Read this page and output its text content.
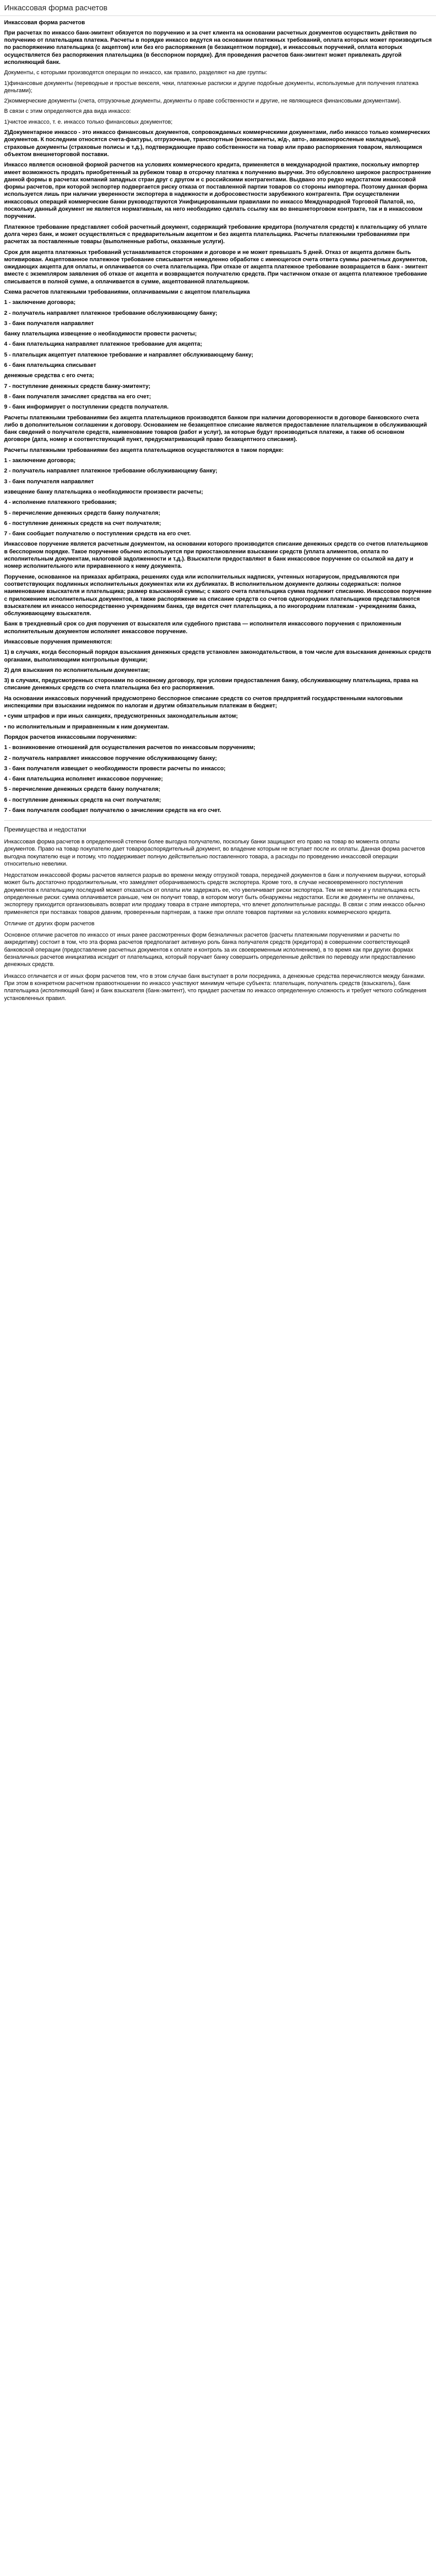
Инкассовая форма расчетов

Инкассовая форма расчетов

При расчетах по инкассо банк-эмитент обязуется по поручению и за счет клиента на основании расчетных документов осуществить действия по получению от плательщика платежа. Расчеты в порядке инкассо ведутся на основании платежных требований, оплата которых может производиться по распоряжению плательщика (с акцептом) или без его распоряжения (в безакцептном порядке), и инкассовых поручений, оплата которых осуществляется без распоряжения плательщика (в бесспорном порядке). Для проведения расчетов банк-эмитент может привлекать другой исполняющий банк.

Документы, с которыми производятся операции по инкассо, как правило, разделяют на две группы:

1)финансовые документы (переводные и простые векселя, чеки, платежные расписки и другие подобные документы, используемые для получения платежа деньгами);

2)коммерческие документы (счета, отгрузочные документы, документы о праве собственности и другие, не являющиеся финансовыми документами).

В связи с этим определяются два вида инкассо:

1)чистое инкассо, т. е. инкассо только финансовых документов;

2)Документарное инкассо - это инкассо финансовых документов, сопровождаемых коммерческими документами, либо инкассо только коммерческих документов. К последним относятся счета-фактуры, отгрузочные, транспортные (коносаменты, ж/д-, авто-, авиаконоросленые накладные), страховые документы (страховые полисы и т.д.), подтверждающие право собственности на товар или право распоряжения товаром, являющимся объектом внешнеторговой поставки.

Инкассо является основной формой расчетов на условиях коммерческого кредита, применяется в международной практике, поскольку импортер имеет возможность продать приобретенный за рубежом товар в отсрочку платежа к получению выручки. Это обусловлено широкое распространение данной формы в расчетах компаний западных стран друг с другом и с российскими контрагентами. Выдвано это редко недостатком инкассовой формы расчетов, при которой экспортер подвергается риску отказа от поставленной партии товаров со стороны импортера. Поэтому данная форма используется лишь при наличии уверенности экспортера в надежности и добросовестности зарубежного контрагента. При осуществлении инкассовых операций коммерческие банки руководствуются Унифицированными правилами по инкассо Международной Торговой Палатой, но, поскольку данный документ не является нормативным, на него необходимо сделать ссылку как во внешнеторговом контракте, так и в инкассовом поручении.

Платежное требование представляет собой расчетный документ, содержащий требование кредитора (получателя средств) к плательщику об уплате долга через банк, и может осуществляться с предварительным акцептом и без акцепта плательщика. Расчеты платежными требованиями при расчетах за поставленные товары (выполненные работы, оказанные услуги).

Срок для акцепта платежных требований устанавливается сторонами и договоре и не может превышать 5 дней. Отказ от акцепта должен быть мотивирован. Акцептованное платежное требование списывается немедленно обработке с имеющегося счета ответа суммы расчетных документов, ожидающих акцепта для оплаты, и оплачивается со счета плательщика. При отказе от акцепта платежное требование возвращается в банк - эмитент вместе с экземпляром заявления об отказе от акцепта и возвращается получателю средств. При частичном отказе от акцепта платежное требование списывается в полной сумме, а оплачивается в сумме, акцептованной плательщиком.

Схема расчетов платежными требованиями, оплачиваемыми с акцептом плательщика

1 - заключение договора;

2 - получатель направляет платежное требование обслуживающему банку;

3 - банк получателя направляет

банку плательщика извещение о необходимости провести расчеты;

4 - банк плательщика направляет платежное требование для акцепта;

5 - плательщик акцептует платежное требование и направляет обслуживающему банку;

6 - банк плательщика списывает

денежные средства с его счета;

7 - поступление денежных средств банку-эмитенту;

8 - банк получателя зачисляет средства на его счет;

9 - банк информирует о поступлении средств получателя.

Расчеты платежными требованиями без акцепта плательщиков производятся банком при наличии договоренности в договоре банковского счета либо в дополнительном соглашении к договору. Основанием не безакцептное списание является предоставление плательщиком в обслуживающий банк сведений о получателе средств, наименование товаров (работ и услуг), за которые будут производиться платежи, а также об основном договоре (дата, номер и соответствующий пункт, предусматривающий право безакцептного списания).

Расчеты платежными требованиями без акцепта плательщиков осуществляются в таком порядке:

1 - заключение договора;

2 - получатель направляет платежное требование обслуживающему банку;

3 - банк получателя направляет

извещение банку плательщика о необходимости произвести расчеты;

4 - исполнение платежного требования;

5 - перечисление денежных средств банку получателя;

6 - поступление денежных средств на счет получателя;

7 - банк сообщает получателю о поступлении средств на его счет.

Инкассовое поручение является расчетным документом, на основании которого производится списание денежных средств со счетов плательщиков в бесспорном порядке. Такое поручение обычно используется при приостановлении взыскании средств (уплата алиментов, оплата по исполнительным документам, налоговой задолженности и т.д.). Взыскатели предоставляют в банк инкассовое поручение со ссылкой на дату и номер исполнительного или приравненного к нему документа.

Поручение, основанное на приказах арбитража, решениях суда или исполнительных надписях, учтенных нотариусом, предъявляются при соответствующих подлинных исполнительных документах или их дубликатах. В исполнительном документе должны содержаться: полное наименование взыскателя и плательщика; размер взысканной суммы; с какого счета плательщика сумма подлежит списанию. Инкассовое поручение с приложением исполнительных документов, а также распоряжение на списание средств со счетов одногородних плательщиков представляются взыскателем ил инкассо непосредственно учреждениям банка, где ведется счет плательщика, а по иногородним платежам - учреждениям банка, обслуживающему взыскателя.

Банк в трехдневный срок со дня поручения от взыскателя или судебного пристава — исполнителя инкассового поручения с приложенным исполнительным документом исполняет инкассовое поручение.

Инкассовые поручения применяются:

1) в случаях, когда бесспорный порядок взыскания денежных средств установлен законодательством, в том числе для взыскания денежных средств органами, выполняющими контрольные функции;

2) для взыскания по исполнительным документам;

3) в случаях, предусмотренных сторонами по основному договору, при условии предоставления банку, обслуживающему плательщика, права на списание денежных средств со счета плательщика без его распоряжения.

На основании инкассовых поручений предусмотрено бесспорное списание средств со счетов предприятий государственными налоговыми инспекциями при взыскании недоимок по налогам и другим обязательным платежам в бюджет;

• сумм штрафов и при иных санкциях, предусмотренных законодательным актом;

• по исполнительным и приравненным к ним документам.

Порядок расчетов инкассовыми поручениями:

1 - возникновение отношений для осуществления расчетов по инкассовым поручениям;

2 - получатель направляет инкассовое поручение обслуживающему банку;

3 - банк получателя извещает о необходимости провести расчеты по инкассо;

4 - банк плательщика исполняет инкассовое поручение;

5 - перечисление денежных средств банку получателя;

6 - поступление денежных средств на счет получателя;

7 - банк получателя сообщает получателю о зачислении средств на его счет.

Преимущества и недостатки

Инкассовая форма расчетов в определенной степени более выгодна получателю, поскольку банки защищают его право на товар во момента оплаты документов. Право на товар покупателю дает товарораспорядительный документ, во владение которым не вступает после их оплаты. Данная форма расчетов выгодна покупателю еще и потому, что поддерживает полную действительно поставленного товара, а расходы по проведению инкассовой операции относительно невелики.

Недостатком инкассовой формы расчетов является разрыв во времени между отгрузкой товара, передачей документов в банк и получением выручки, который может быть достаточно продолжительным, что замедляет оборачиваемость средств экспортера. Кроме того, в случае несвоевременного поступления документов к плательщику последний может отказаться от оплаты или задержать ее, что увеличивает риски экспортера. Тем не менее и у плательщика есть определенные риски: сумма оплачивается раньше, чем он получит товар, в котором могут быть обнаружены недостатки. Если же документы не оплачены, экспортеру приходится организовывать возврат или продажу товара в стране импортера, что влечет дополнительные расходы. В связи с этим инкассо обычно применяется при поставках товаров давним, проверенным партнерам, а также при оплате товаров партиями на условиях коммерческого кредита.

Отличие от других форм расчетов

Основное отличие расчетов по инкассо от иных ранее рассмотренных форм безналичных расчетов (расчеты платежными поручениями и расчеты по аккредитиву) состоит в том, что эта форма расчетов предполагает активную роль банка получателя средств (кредитора) в совершении соответствующей банковской операции (предоставление расчетных документов к оплате и контроль за их своевременным исполнением), в то время как при других формах безналичных расчетов инициатива исходит от плательщика, который поручает банку совершить определенные действия по переводу или предоставлению денежных средств.

Инкассо отличается и от иных форм расчетов тем, что в этом случае банк выступает в роли посредника, а денежные средства перечисляются между банками. При этом в конкретном расчетном правоотношении по инкассо участвуют минимум четыре субъекта: плательщик, получатель средств (взыскатель), банк плательщика (исполняющий банк) и банк взыскателя (банк-эмитент), что придает расчетам по инкассо определенную сложность и требует четкого соблюдения установленных правил.
